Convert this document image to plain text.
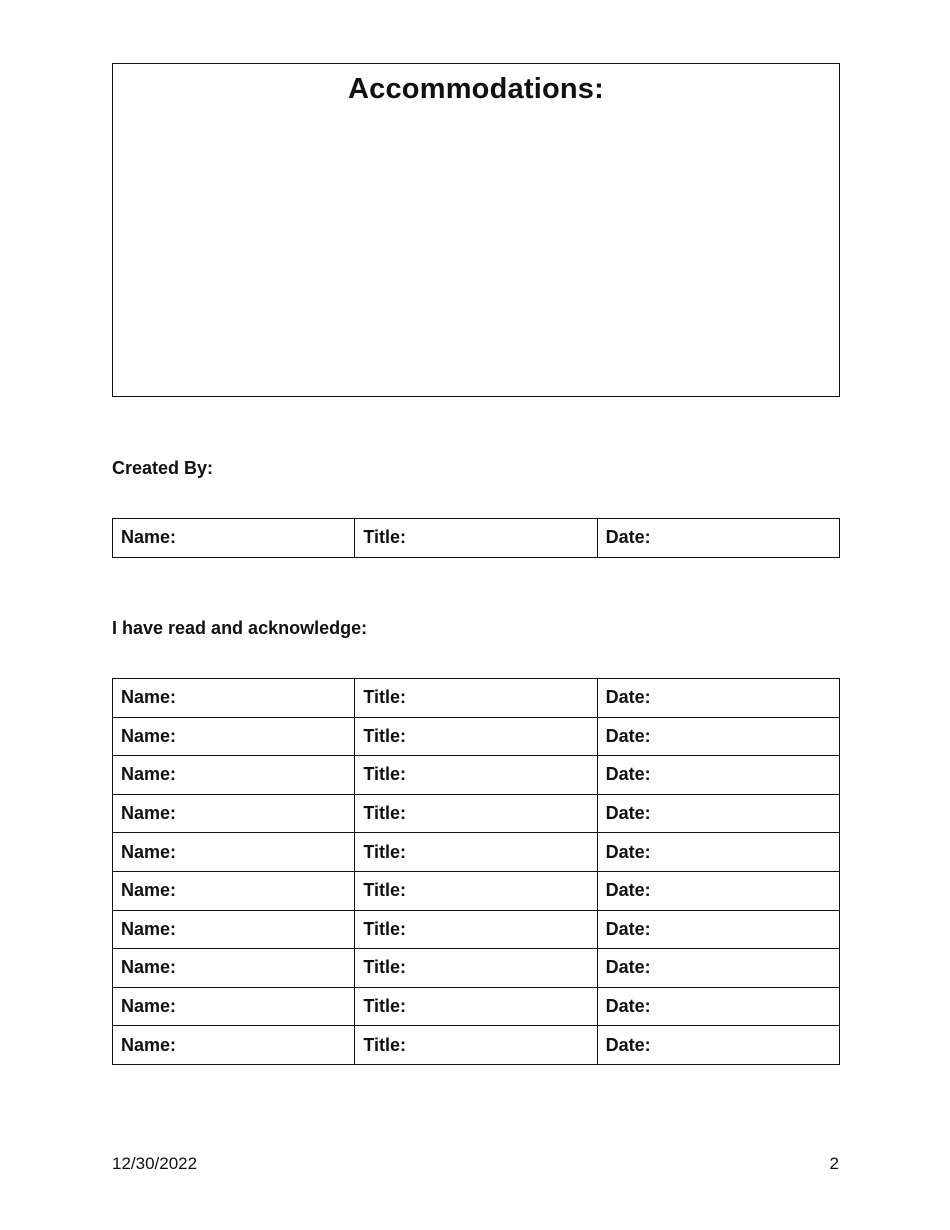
Accommodations:
Created By:
Name:	Title:	Date:
I have read and acknowledge:
Name:	Title:	Date:
Name:	Title:	Date:
Name:	Title:	Date:
Name:	Title:	Date:
Name:	Title:	Date:
Name:	Title:	Date:
Name:	Title:	Date:
Name:	Title:	Date:
Name:	Title:	Date:
Name:	Title:	Date:
12/30/2022	2
